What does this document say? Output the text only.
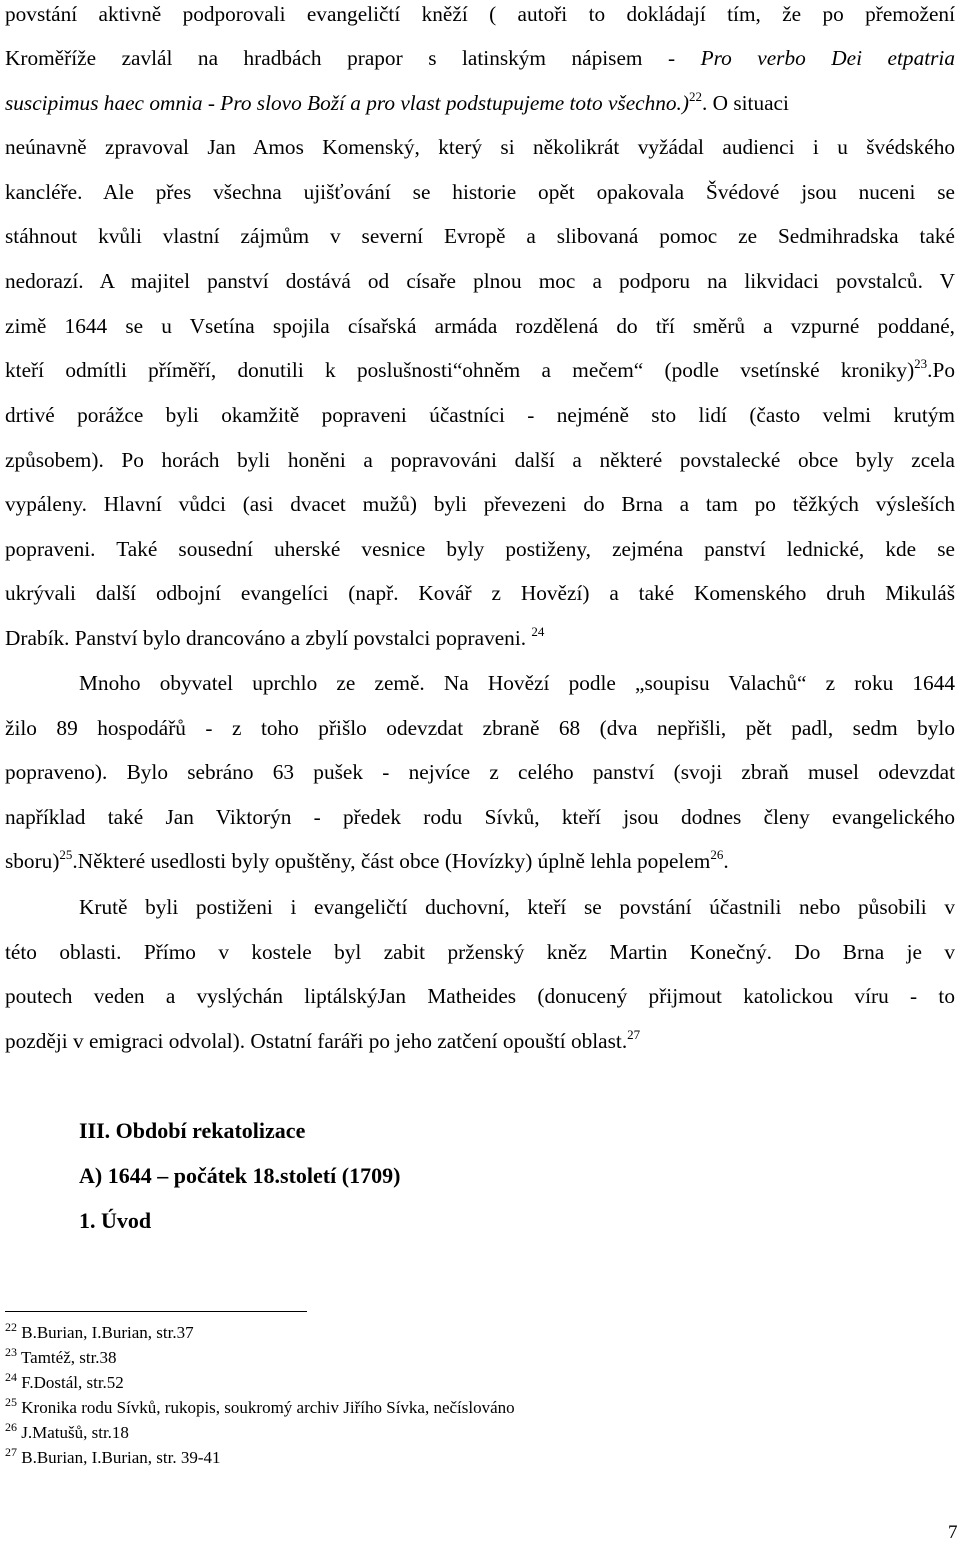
povstání aktivně podporovali evangeličtí kněží ( autoři to dokládají tím, že po přemožení
Kroměříže zavlál na hradbách prapor s latinským nápisem - Pro verbo Dei etpatria
suscipimus haec omnia - Pro slovo Boží a pro vlast podstupujeme toto všechno.)$^{22}$. O situaci
neúnavně zpravoval Jan Amos Komenský, který si několikrát vyžádal audienci i u švédského
kancléře. Ale přes všechna ujišťování se historie opět opakovala Švédové jsou nuceni se
stáhnout kvůli vlastní zájmům v severní Evropě a slibovaná pomoc ze Sedmihradska také
nedorazí. A majitel panství dostává od císaře plnou moc a podporu na likvidaci povstalců. V
zimě 1644 se u Vsetína spojila císařská armáda rozdělená do tří směrů a vzpurné poddané,
kteří odmítli příměří, donutili k poslušnosti“ohněm a mečem“ (podle vsetínské kroniky)$^{23}$.Po
drtivé porážce byli okamžitě popraveni účastníci - nejméně sto lidí (často velmi krutým
způsobem). Po horách byli honěni a popravováni další a některé povstalecké obce byly zcela
vypáleny. Hlavní vůdci (asi dvacet mužů) byli převezeni do Brna a tam po těžkých výsleších
popraveni. Také sousední uherské vesnice byly postiženy, zejména panství lednické, kde se
ukrývali další odbojní evangelíci (např. Kovář z Hovězí) a také Komenského druh Mikuláš
Drabík. Panství bylo drancováno a zbylí povstalci popraveni. $^{24}$
Mnoho obyvatel uprchlo ze země. Na Hovězí podle „soupisu Valachů“ z roku 1644
žilo 89 hospodářů - z toho přišlo odevzdat zbraně 68 (dva nepřišli, pět padl, sedm bylo
popraveno). Bylo sebráno 63 pušek - nejvíce z celého panství (svoji zbraň musel odevzdat
například také Jan Viktorýn - předek rodu Sívků, kteří jsou dodnes členy evangelického
sboru)$^{25}$.Některé usedlosti byly opuštěny, část obce (Hovízky) úplně lehla popelem$^{26}$.
Krutě byli postiženi i evangeličtí duchovní, kteří se povstání účastnili nebo působili v
této oblasti. Přímo v kostele byl zabit prženský kněz Martin Konečný. Do Brna je v
poutech veden a vyslýchán liptálskýJan Matheides (donucený přijmout katolickou víru - to
později v emigraci odvolal). Ostatní faráři po jeho zatčení opouští oblast.$^{27}$
III. Období rekatolizace
A) 1644 – počátek 18.století (1709)
1. Úvod
$^{22}$ B.Burian, I.Burian, str.37
$^{23}$ Tamtéž, str.38
$^{24}$ F.Dostál, str.52
$^{25}$ Kronika rodu Sívků, rukopis, soukromý archiv Jiřího Sívka, nečíslováno
$^{26}$ J.Matušů, str.18
$^{27}$ B.Burian, I.Burian, str. 39-41
7
